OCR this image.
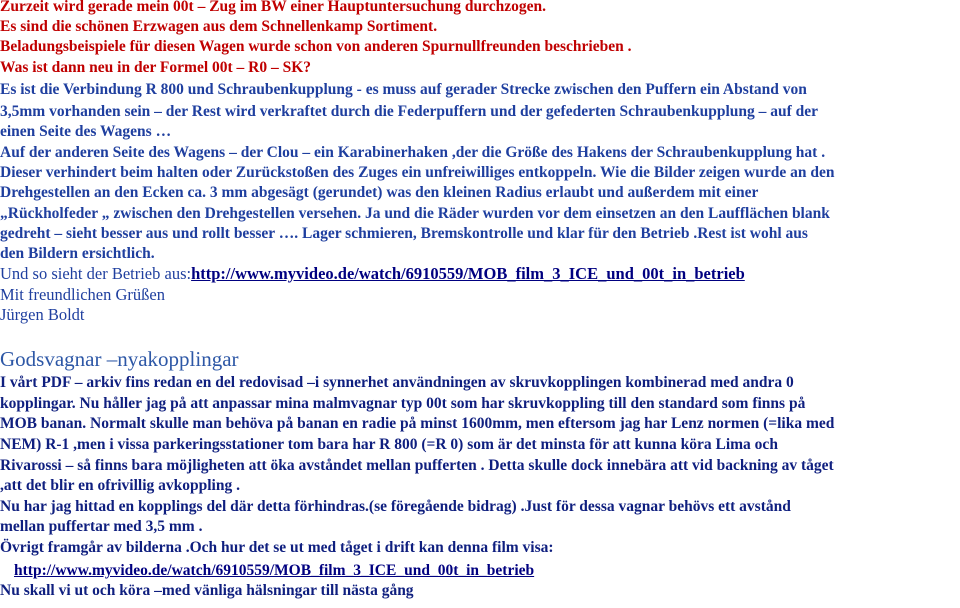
Zurzeit wird gerade mein 00t – Zug im BW einer Hauptuntersuchung durchzogen.
Es sind die schönen Erzwagen aus dem Schnellenkamp Sortiment.
Beladungsbeispiele für diesen Wagen wurde schon von anderen Spurnullfreunden beschrieben .
Was ist dann neu in der Formel 00t – R0 – SK?
Es ist die Verbindung R 800 und Schraubenkupplung - es muss auf gerader Strecke zwischen den Puffern ein Abstand von
3,5mm vorhanden sein – der Rest wird verkraftet durch die Federpuffern und der gefederten Schraubenkupplung – auf der
einen Seite des Wagens …
Auf der anderen Seite des Wagens – der Clou – ein Karabinerhaken ,der die Größe des Hakens der Schraubenkupplung hat .
Dieser verhindert beim halten oder Zurückstoßen des Zuges ein unfreiwilliges entkoppeln. Wie die Bilder zeigen wurde an den
Drehgestellen an den Ecken ca. 3 mm abgesägt (gerundet) was den kleinen Radius erlaubt und außerdem mit einer
„Rückholfeder „ zwischen den Drehgestellen versehen. Ja und die Räder wurden vor dem einsetzen an den Laufflächen blank
gedreht – sieht besser aus und rollt besser …. Lager schmieren, Bremskontrolle und klar für den Betrieb .Rest ist wohl aus
den Bildern ersichtlich.
Und so sieht der Betrieb aus:http://www.myvideo.de/watch/6910559/MOB_film_3_ICE_und_00t_in_betrieb
Mit freundlichen Grüßen
Jürgen Boldt
Godsvagnar –nyakopplingar
I vårt PDF – arkiv fins redan en del redovisad –i synnerhet användningen av skruvkopplingen kombinerad med andra 0
kopplingar. Nu håller jag på att anpassar mina malmvagnar typ 00t som har skruvkoppling till den standard som finns på
MOB banan. Normalt skulle man behöva på banan en radie på minst 1600mm, men eftersom jag har Lenz normen (=lika med
NEM) R-1 ,men i vissa parkeringsstationer tom bara har R 800 (=R 0) som är det minsta för att kunna köra Lima och
Rivarossi – så finns bara möjligheten att öka avståndet mellan pufferten . Detta skulle dock innebära att vid backning av tåget
,att det blir en ofrivillig avkoppling .
Nu har jag hittad en kopplings del där detta förhindras.(se föregående bidrag) .Just för dessa vagnar behövs ett avstånd
mellan puffertar med 3,5 mm .
Övrigt framgår av bilderna .Och hur det se ut med tåget i drift kan denna film visa:
http://www.myvideo.de/watch/6910559/MOB_film_3_ICE_und_00t_in_betrieb
Nu skall vi ut och köra –med vänliga hälsningar till nästa gång
